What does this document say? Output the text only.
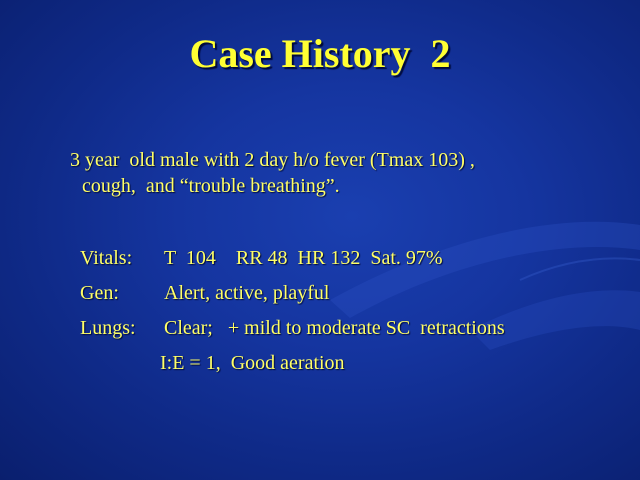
Case History  2
3 year  old male with 2 day h/o fever (Tmax 103) ,
cough,  and “trouble breathing”.

Vitals:

T  104    RR 48  HR 132  Sat. 97%

Gen:

Alert, active, playful

Lungs:

Clear;   + mild to moderate SC  retractions

I:E = 1,  Good aeration
